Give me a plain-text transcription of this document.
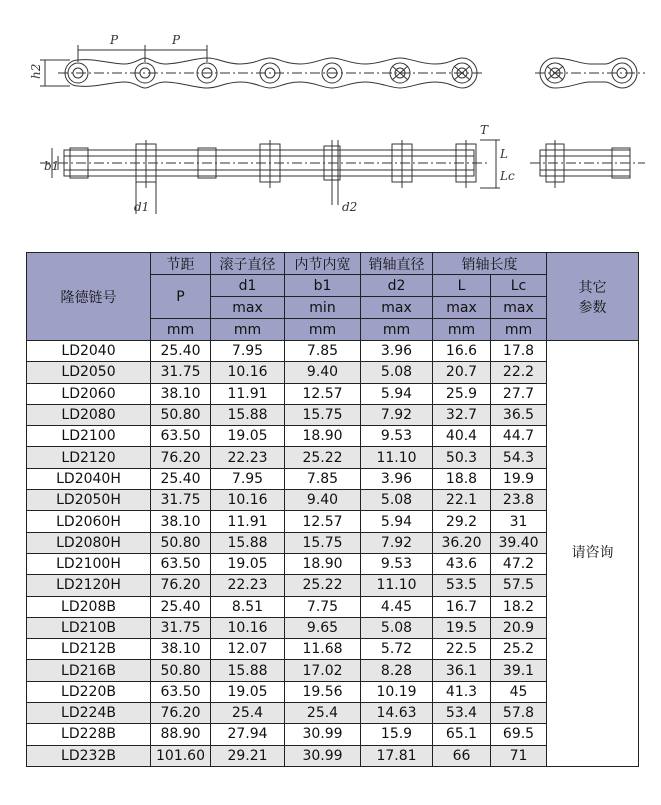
P	P
h2
d1	d2
b1
L
Lc
T
隆德链号	节距	滚子直径	内节内宽	销轴直径	销轴长度		其它
参数
	P	d1	b1	d2	L	Lc	
		max	min	max	max	max	
	mm	mm	mm	mm	mm	mm	
LD2040	25.40	7.95	7.85	3.96	16.6	17.8	请咨询
LD2050	31.75	10.16	9.40	5.08	20.7	22.2	
LD2060	38.10	11.91	12.57	5.94	25.9	27.7	
LD2080	50.80	15.88	15.75	7.92	32.7	36.5	
LD2100	63.50	19.05	18.90	9.53	40.4	44.7	
LD2120	76.20	22.23	25.22	11.10	50.3	54.3	
LD2040H	25.40	7.95	7.85	3.96	18.8	19.9	
LD2050H	31.75	10.16	9.40	5.08	22.1	23.8	
LD2060H	38.10	11.91	12.57	5.94	29.2	31	
LD2080H	50.80	15.88	15.75	7.92	36.20	39.40	
LD2100H	63.50	19.05	18.90	9.53	43.6	47.2	
LD2120H	76.20	22.23	25.22	11.10	53.5	57.5	
LD208B	25.40	8.51	7.75	4.45	16.7	18.2	
LD210B	31.75	10.16	9.65	5.08	19.5	20.9	
LD212B	38.10	12.07	11.68	5.72	22.5	25.2	
LD216B	50.80	15.88	17.02	8.28	36.1	39.1	
LD220B	63.50	19.05	19.56	10.19	41.3	45	
LD224B	76.20	25.4	25.4	14.63	53.4	57.8	
LD228B	88.90	27.94	30.99	15.9	65.1	69.5	
LD232B	101.60	29.21	30.99	17.81	66	71	
